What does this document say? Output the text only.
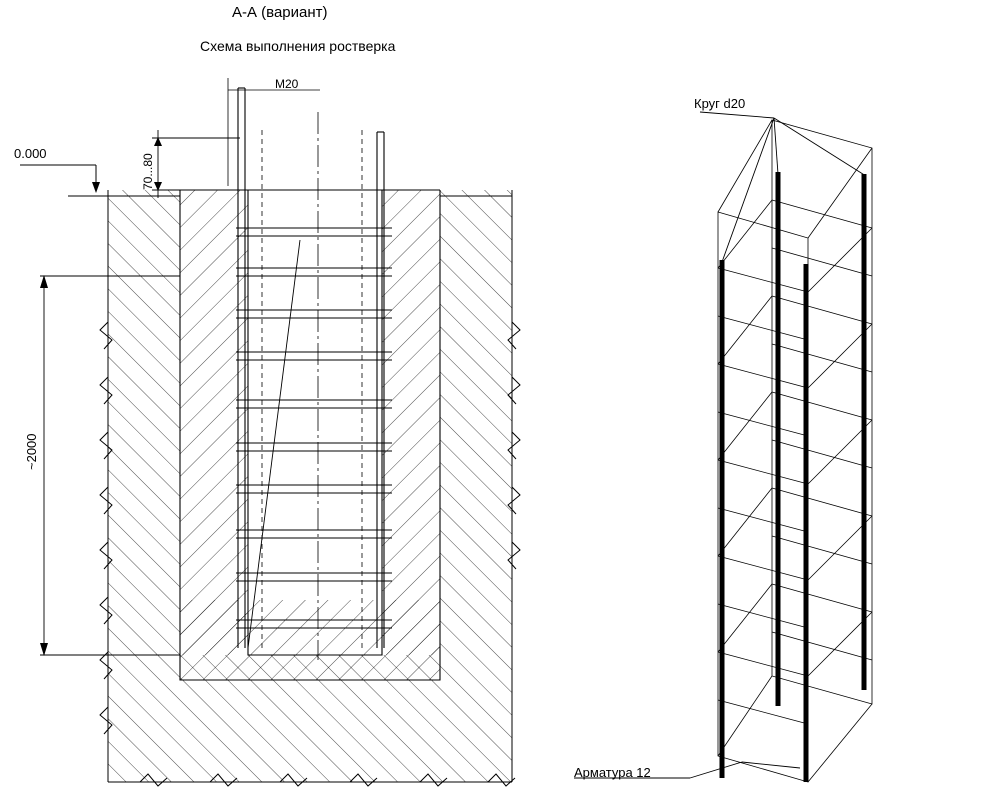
А-А (вариант)
Схема выполнения ростверка
M20
0.000	70...80
~2000
Круг d20
Арматура 12
